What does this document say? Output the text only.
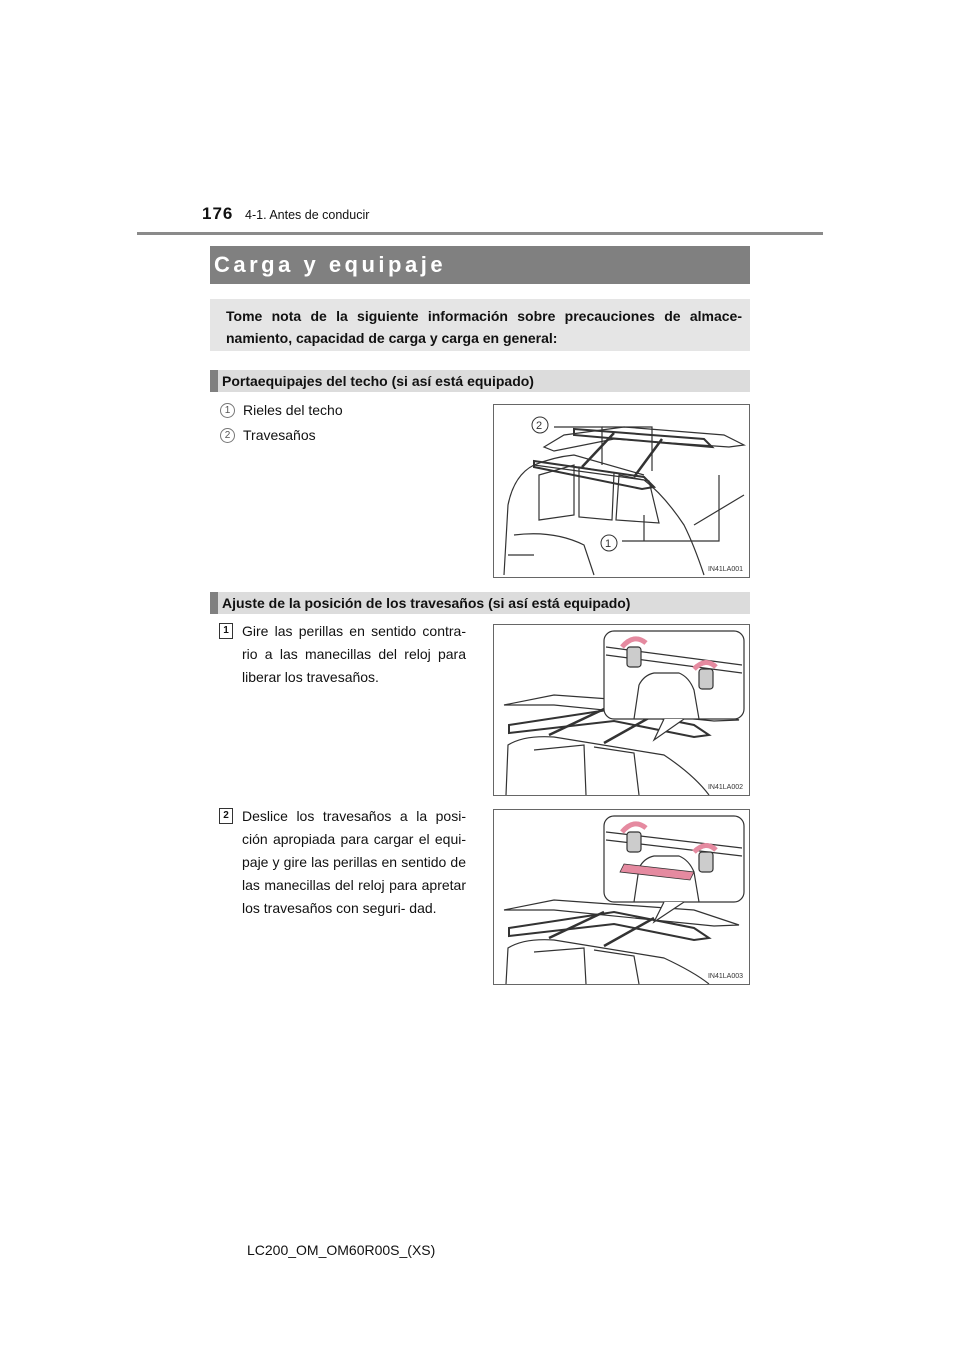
176 4-1. Antes de conducir
Carga y equipaje
Tome nota de la siguiente información sobre precauciones de almace- namiento, capacidad de carga y carga en general:
Portaequipajes del techo (si así está equipado)
1 Rieles del techo
2 Travesaños
2
1
IN41LA001
Ajuste de la posición de los travesaños (si así está equipado)
1 Gire las perillas en sentido contra- rio a las manecillas del reloj para liberar los travesaños.
IN41LA002
2 Deslice los travesaños a la posi- ción apropiada para cargar el equi- paje y gire las perillas en sentido de las manecillas del reloj para apretar los travesaños con seguri- dad.
IN41LA003
LC200_OM_OM60R00S_(XS)
